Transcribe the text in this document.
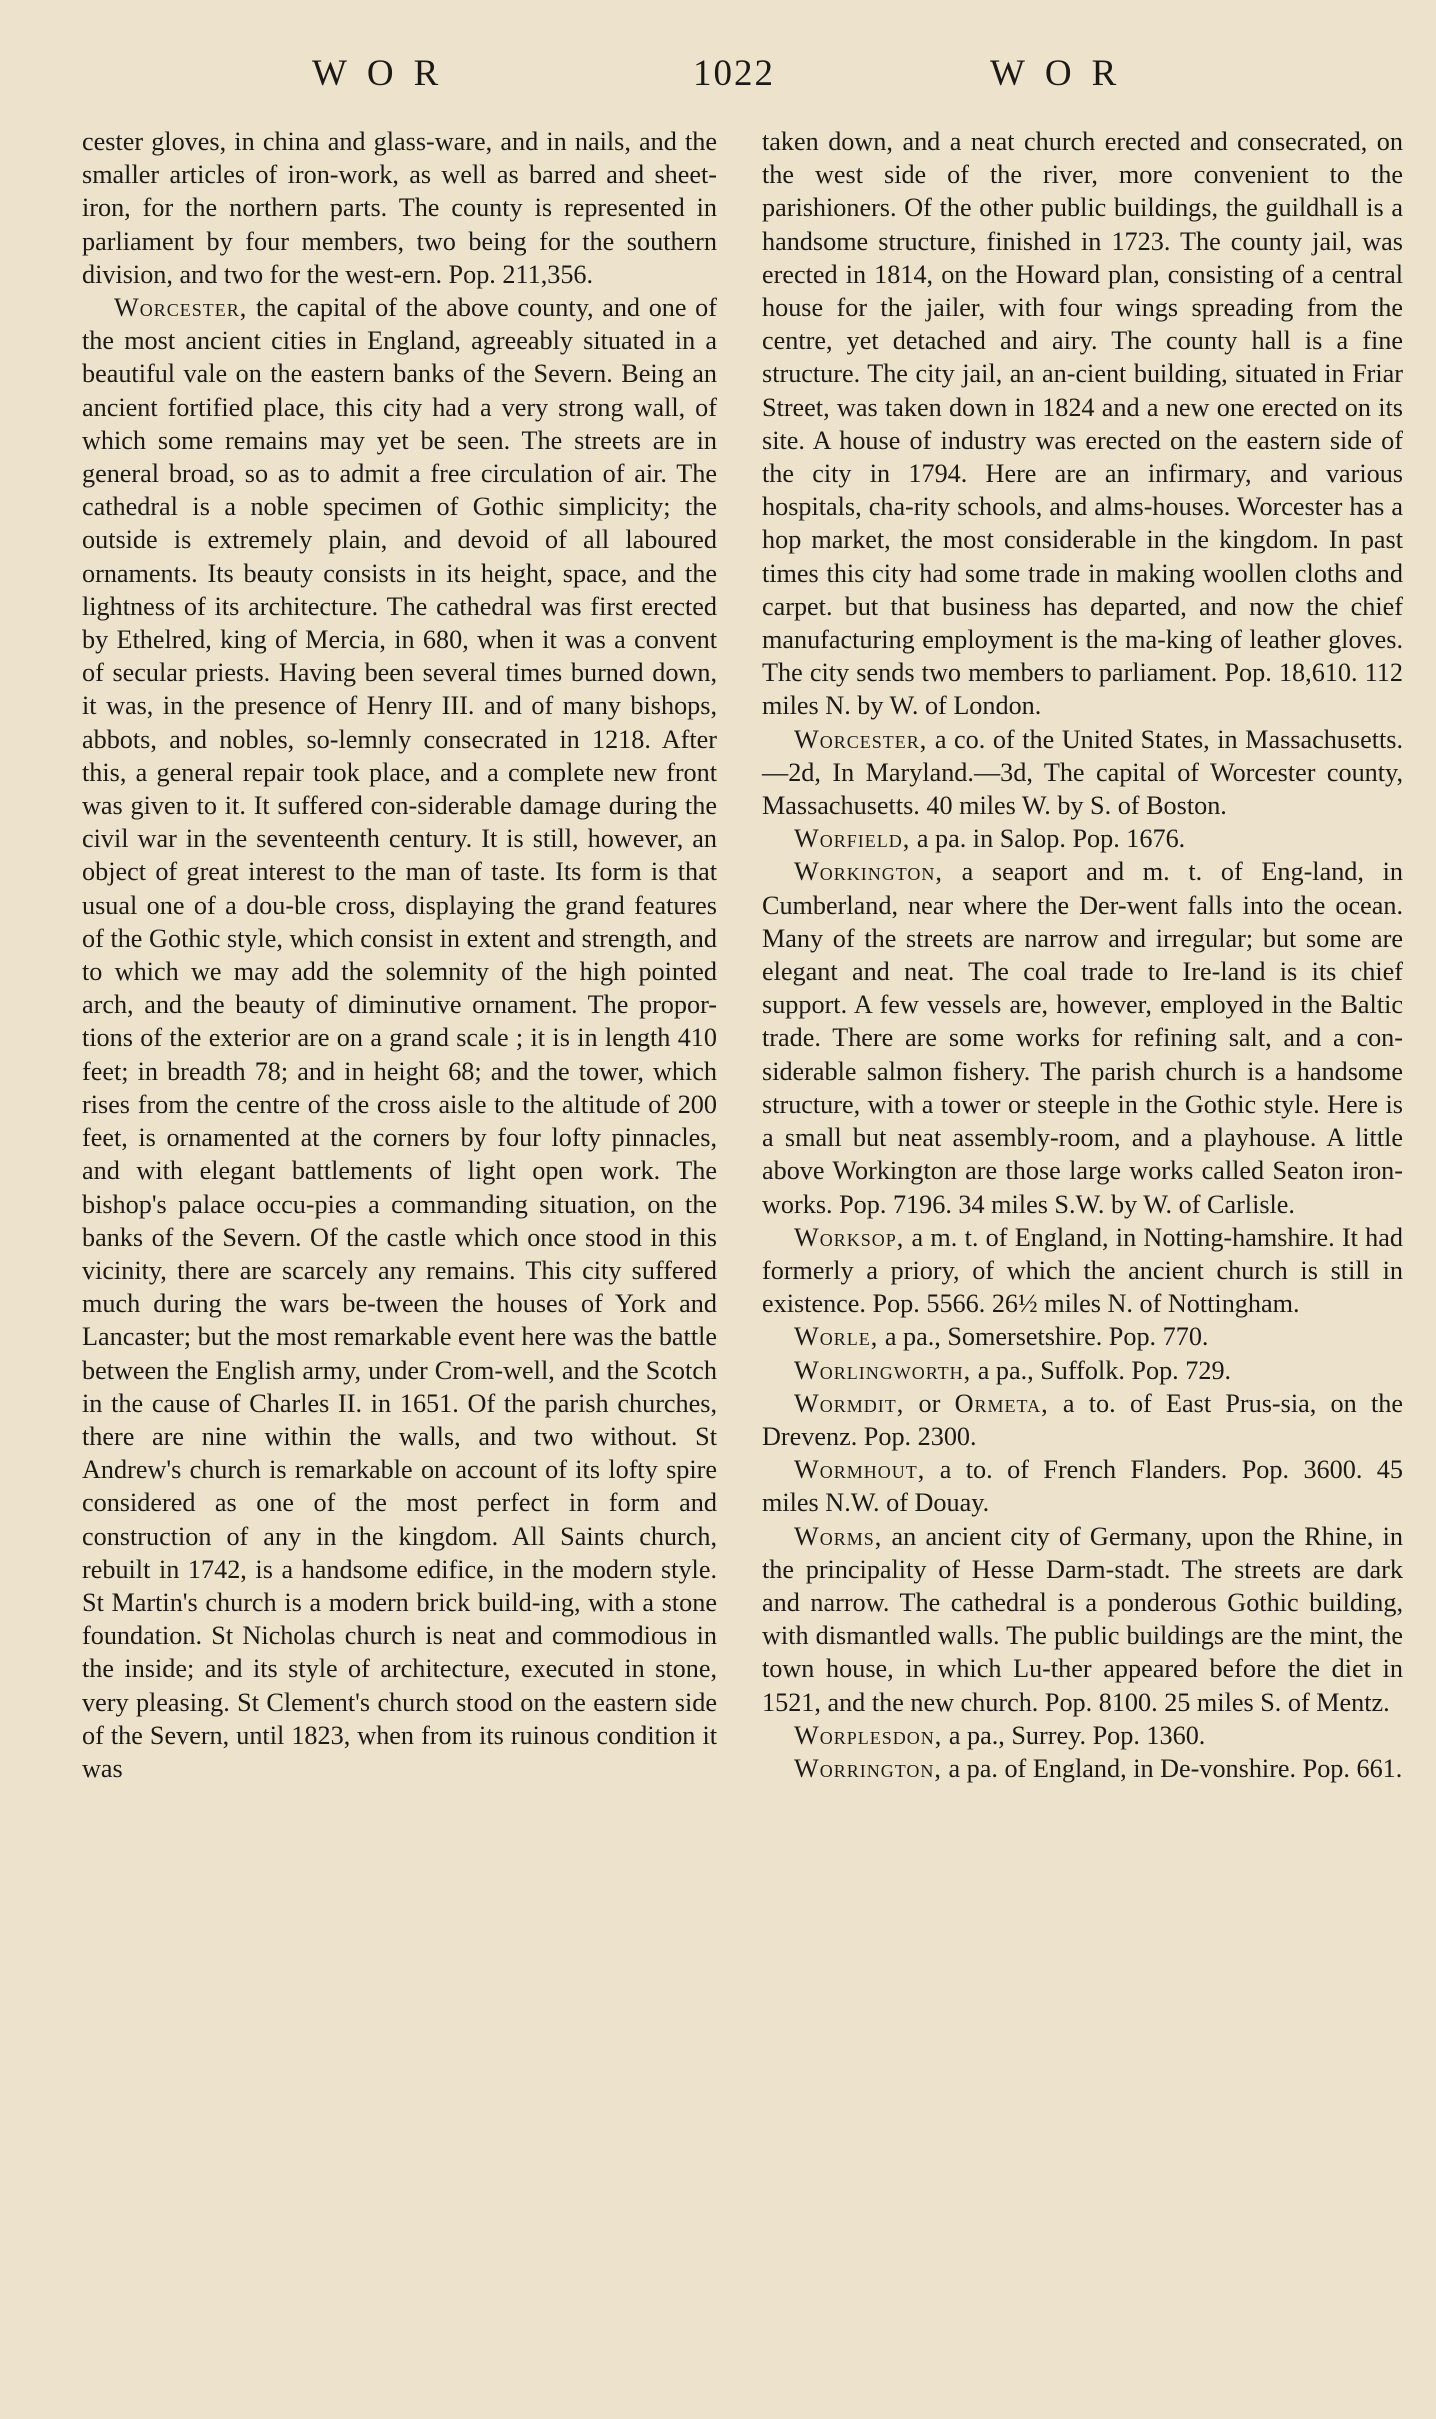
WOR	1022	WOR

cester gloves, in china and glass-ware, and in nails, and the smaller articles of iron-work, as well as barred and sheet-iron, for the northern parts. The county is represented in parliament by four members, two being for the southern division, and two for the west-ern. Pop. 211,356.

Worcester, the capital of the above county, and one of the most ancient cities in England, agreeably situated in a beautiful vale on the eastern banks of the Severn. Being an ancient fortified place, this city had a very strong wall, of which some remains may yet be seen. The streets are in general broad, so as to admit a free circulation of air. The cathedral is a noble specimen of Gothic simplicity; the outside is extremely plain, and devoid of all laboured ornaments. Its beauty consists in its height, space, and the lightness of its architecture. The cathedral was first erected by Ethelred, king of Mercia, in 680, when it was a convent of secular priests. Having been several times burned down, it was, in the presence of Henry III. and of many bishops, abbots, and nobles, so-lemnly consecrated in 1218. After this, a general repair took place, and a complete new front was given to it. It suffered con-siderable damage during the civil war in the seventeenth century. It is still, however, an object of great interest to the man of taste. Its form is that usual one of a dou-ble cross, displaying the grand features of the Gothic style, which consist in extent and strength, and to which we may add the solemnity of the high pointed arch, and the beauty of diminutive ornament. The propor-tions of the exterior are on a grand scale ; it is in length 410 feet; in breadth 78; and in height 68; and the tower, which rises from the centre of the cross aisle to the altitude of 200 feet, is ornamented at the corners by four lofty pinnacles, and with elegant battlements of light open work. The bishop's palace occu-pies a commanding situation, on the banks of the Severn. Of the castle which once stood in this vicinity, there are scarcely any remains. This city suffered much during the wars be-tween the houses of York and Lancaster; but the most remarkable event here was the battle between the English army, under Crom-well, and the Scotch in the cause of Charles II. in 1651. Of the parish churches, there are nine within the walls, and two without. St Andrew's church is remarkable on account of its lofty spire considered as one of the most perfect in form and construction of any in the kingdom. All Saints church, rebuilt in 1742, is a handsome edifice, in the modern style. St Martin's church is a modern brick build-ing, with a stone foundation. St Nicholas church is neat and commodious in the inside; and its style of architecture, executed in stone, very pleasing. St Clement's church stood on the eastern side of the Severn, until 1823, when from its ruinous condition it was

taken down, and a neat church erected and consecrated, on the west side of the river, more convenient to the parishioners. Of the other public buildings, the guildhall is a handsome structure, finished in 1723. The county jail, was erected in 1814, on the Howard plan, consisting of a central house for the jailer, with four wings spreading from the centre, yet detached and airy. The county hall is a fine structure. The city jail, an an-cient building, situated in Friar Street, was taken down in 1824 and a new one erected on its site. A house of industry was erected on the eastern side of the city in 1794. Here are an infirmary, and various hospitals, cha-rity schools, and alms-houses. Worcester has a hop market, the most considerable in the kingdom. In past times this city had some trade in making woollen cloths and carpet. but that business has departed, and now the chief manufacturing employment is the ma-king of leather gloves. The city sends two members to parliament. Pop. 18,610. 112 miles N. by W. of London.

Worcester, a co. of the United States, in Massachusetts.—2d, In Maryland.—3d, The capital of Worcester county, Massachusetts. 40 miles W. by S. of Boston.

Worfield, a pa. in Salop. Pop. 1676.

Workington, a seaport and m. t. of Eng-land, in Cumberland, near where the Der-went falls into the ocean. Many of the streets are narrow and irregular; but some are elegant and neat. The coal trade to Ire-land is its chief support. A few vessels are, however, employed in the Baltic trade. There are some works for refining salt, and a con-siderable salmon fishery. The parish church is a handsome structure, with a tower or steeple in the Gothic style. Here is a small but neat assembly-room, and a playhouse. A little above Workington are those large works called Seaton iron-works. Pop. 7196. 34 miles S.W. by W. of Carlisle.

Worksop, a m. t. of England, in Notting-hamshire. It had formerly a priory, of which the ancient church is still in existence. Pop. 5566. 26½ miles N. of Nottingham.

Worle, a pa., Somersetshire. Pop. 770.

Worlingworth, a pa., Suffolk. Pop. 729.

Wormdit, or Ormeta, a to. of East Prus-sia, on the Drevenz. Pop. 2300.

Wormhout, a to. of French Flanders. Pop. 3600. 45 miles N.W. of Douay.

Worms, an ancient city of Germany, upon the Rhine, in the principality of Hesse Darm-stadt. The streets are dark and narrow. The cathedral is a ponderous Gothic building, with dismantled walls. The public buildings are the mint, the town house, in which Lu-ther appeared before the diet in 1521, and the new church. Pop. 8100. 25 miles S. of Mentz.

Worplesdon, a pa., Surrey. Pop. 1360.

Worrington, a pa. of England, in De-vonshire. Pop. 661.
